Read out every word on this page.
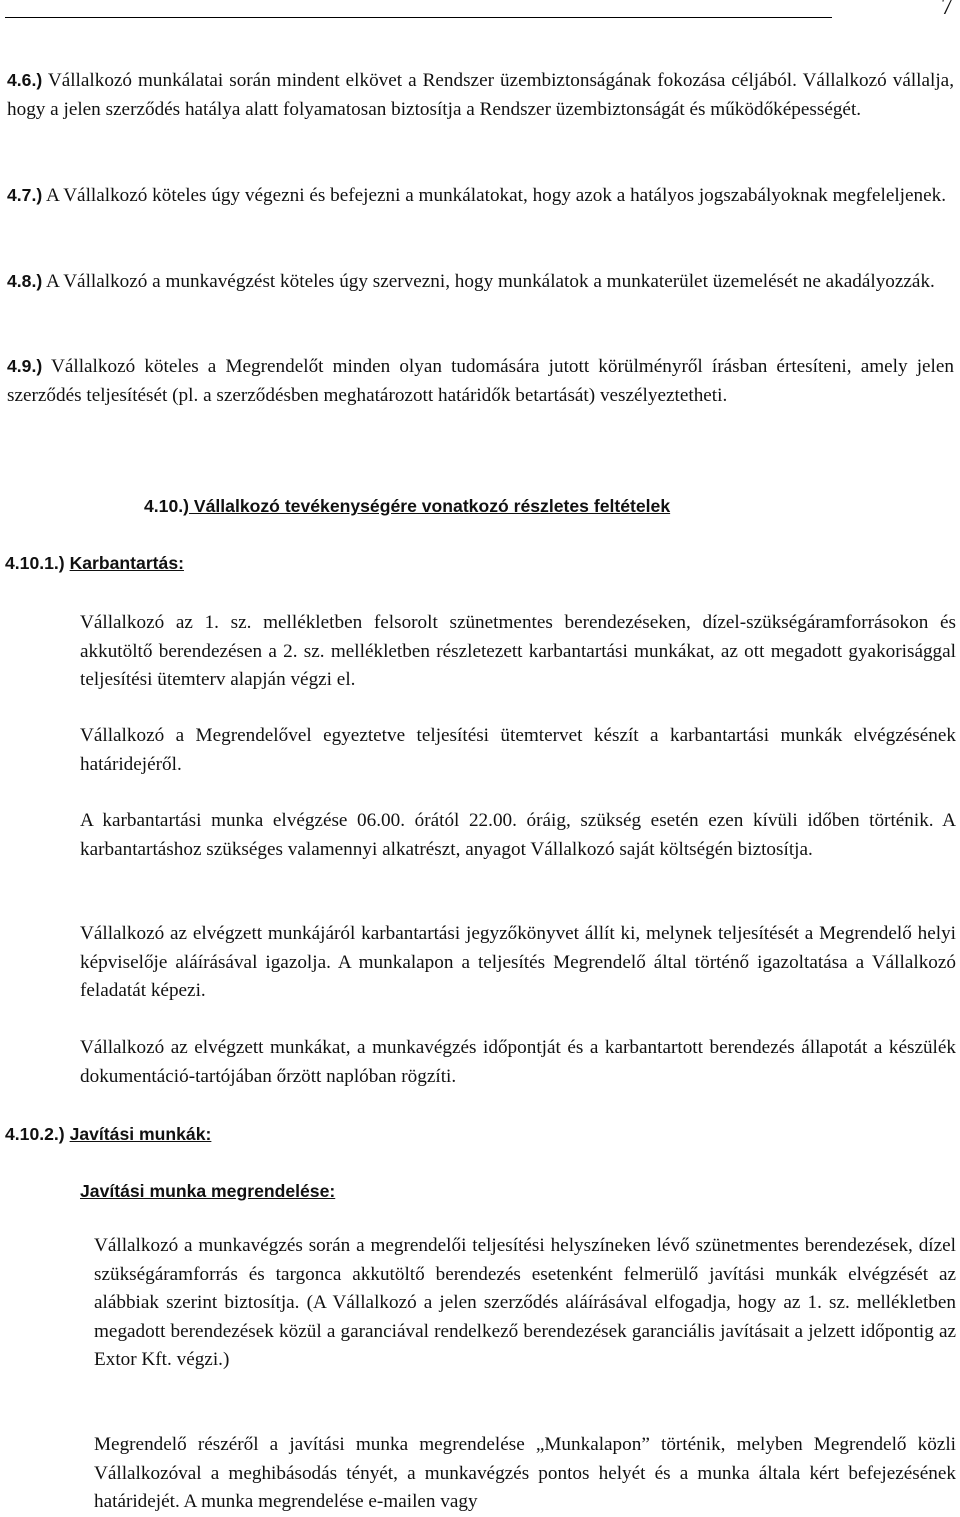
7
4.6.) Vállalkozó munkálatai során mindent elkövet a Rendszer üzembiztonságának fokozása céljából. Vállalkozó vállalja, hogy a jelen szerződés hatálya alatt folyamatosan biztosítja a Rendszer üzembiztonságát és működőképességét.
4.7.) A Vállalkozó köteles úgy végezni és befejezni a munkálatokat, hogy azok a hatályos jogszabályoknak megfeleljenek.
4.8.) A Vállalkozó a munkavégzést köteles úgy szervezni, hogy munkálatok a munkaterület üzemelését ne akadályozzák.
4.9.) Vállalkozó köteles a Megrendelőt minden olyan tudomására jutott körülményről írásban értesíteni, amely jelen szerződés teljesítését (pl. a szerződésben meghatározott határidők betartását) veszélyeztetheti.
4.10.) Vállalkozó tevékenységére vonatkozó részletes feltételek
4.10.1.) Karbantartás:
Vállalkozó az 1. sz. mellékletben felsorolt szünetmentes berendezéseken, dízel-szükségáramforrásokon és akkutöltő berendezésen a 2. sz. mellékletben részletezett karbantartási munkákat, az ott megadott gyakorisággal teljesítési ütemterv alapján végzi el.
Vállalkozó a Megrendelővel egyeztetve teljesítési ütemtervet készít a karbantartási munkák elvégzésének határidejéről.
A karbantartási munka elvégzése 06.00. órától 22.00. óráig, szükség esetén ezen kívüli időben történik. A karbantartáshoz szükséges valamennyi alkatrészt, anyagot Vállalkozó saját költségén biztosítja.
Vállalkozó az elvégzett munkájáról karbantartási jegyzőkönyvet állít ki, melynek teljesítését a Megrendelő helyi képviselője aláírásával igazolja. A munkalapon a teljesítés Megrendelő által történő igazoltatása a Vállalkozó feladatát képezi.
Vállalkozó az elvégzett munkákat, a munkavégzés időpontját és a karbantartott berendezés állapotát a készülék dokumentáció-tartójában őrzött naplóban rögzíti.
4.10.2.) Javítási munkák:
Javítási munka megrendelése:
Vállalkozó a munkavégzés során a megrendelői teljesítési helyszíneken lévő szünetmentes berendezések, dízel szükségáramforrás és targonca akkutöltő berendezés esetenként felmerülő javítási munkák elvégzését az alábbiak szerint biztosítja. (A Vállalkozó a jelen szerződés aláírásával elfogadja, hogy az 1. sz. mellékletben megadott berendezések közül a garanciával rendelkező berendezések garanciális javításait a jelzett időpontig az Extor Kft. végzi.)
Megrendelő részéről a javítási munka megrendelése „Munkalapon” történik, melyben Megrendelő közli Vállalkozóval a meghibásodás tényét, a munkavégzés pontos helyét és a munka általa kért befejezésének határidejét. A munka megrendelése e-mailen vagy
